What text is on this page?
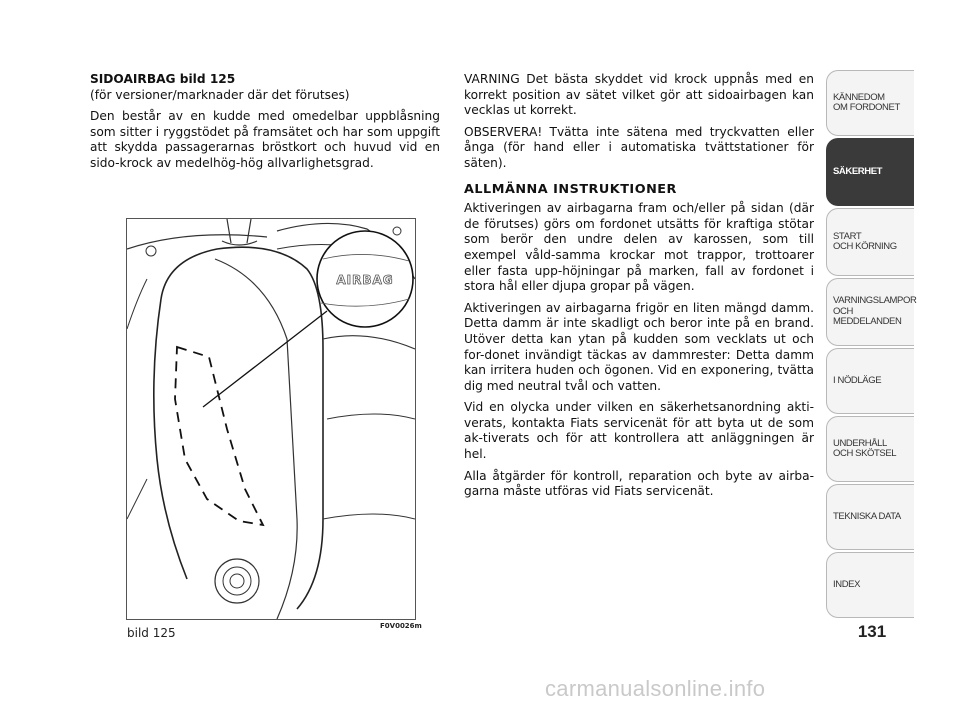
SIDOAIRBAG bild 125

(för versioner/marknader där det förutses)

Den består av en kudde med omedelbar uppblåsning som sitter i ryggstödet på framsätet och har som uppgift att skydda passagerarnas bröstkort och huvud vid en sido-krock av medelhög-hög allvarlighetsgrad.

AIRBAG
bild 125	F0V0026m

VARNING Det bästa skyddet vid krock uppnås med en korrekt position av sätet vilket gör att sidoairbagen kan vecklas ut korrekt.

OBSERVERA! Tvätta inte sätena med tryckvatten eller ånga (för hand eller i automatiska tvättstationer för säten).

ALLMÄNNA INSTRUKTIONER

Aktiveringen av airbagarna fram och/eller på sidan (där de förutses) görs om fordonet utsätts för kraftiga stötar som berör den undre delen av karossen, som till exempel våld-samma krockar mot trappor, trottoarer eller fasta upp-höjningar på marken, fall av fordonet i stora hål eller djupa gropar på vägen.

Aktiveringen av airbagarna frigör en liten mängd damm. Detta damm är inte skadligt och beror inte på en brand. Utöver detta kan ytan på kudden som vecklats ut och for-donet invändigt täckas av dammrester: Detta damm kan irritera huden och ögonen. Vid en exponering, tvätta dig med neutral tvål och vatten.

Vid en olycka under vilken en säkerhetsanordning akti-verats, kontakta Fiats servicenät för att byta ut de som ak-tiverats och för att kontrollera att anläggningen är hel.

Alla åtgärder för kontroll, reparation och byte av airba-garna måste utföras vid Fiats servicenät.

KÄNNEDOM
OM FORDONET
SÄKERHET
START
OCH KÖRNING
VARNINGSLAMPOR
OCH
MEDDELANDEN
I NÖDLÄGE
UNDERHÅLL
OCH SKÖTSEL
TEKNISKA DATA
INDEX
131
carmanualsonline.info
